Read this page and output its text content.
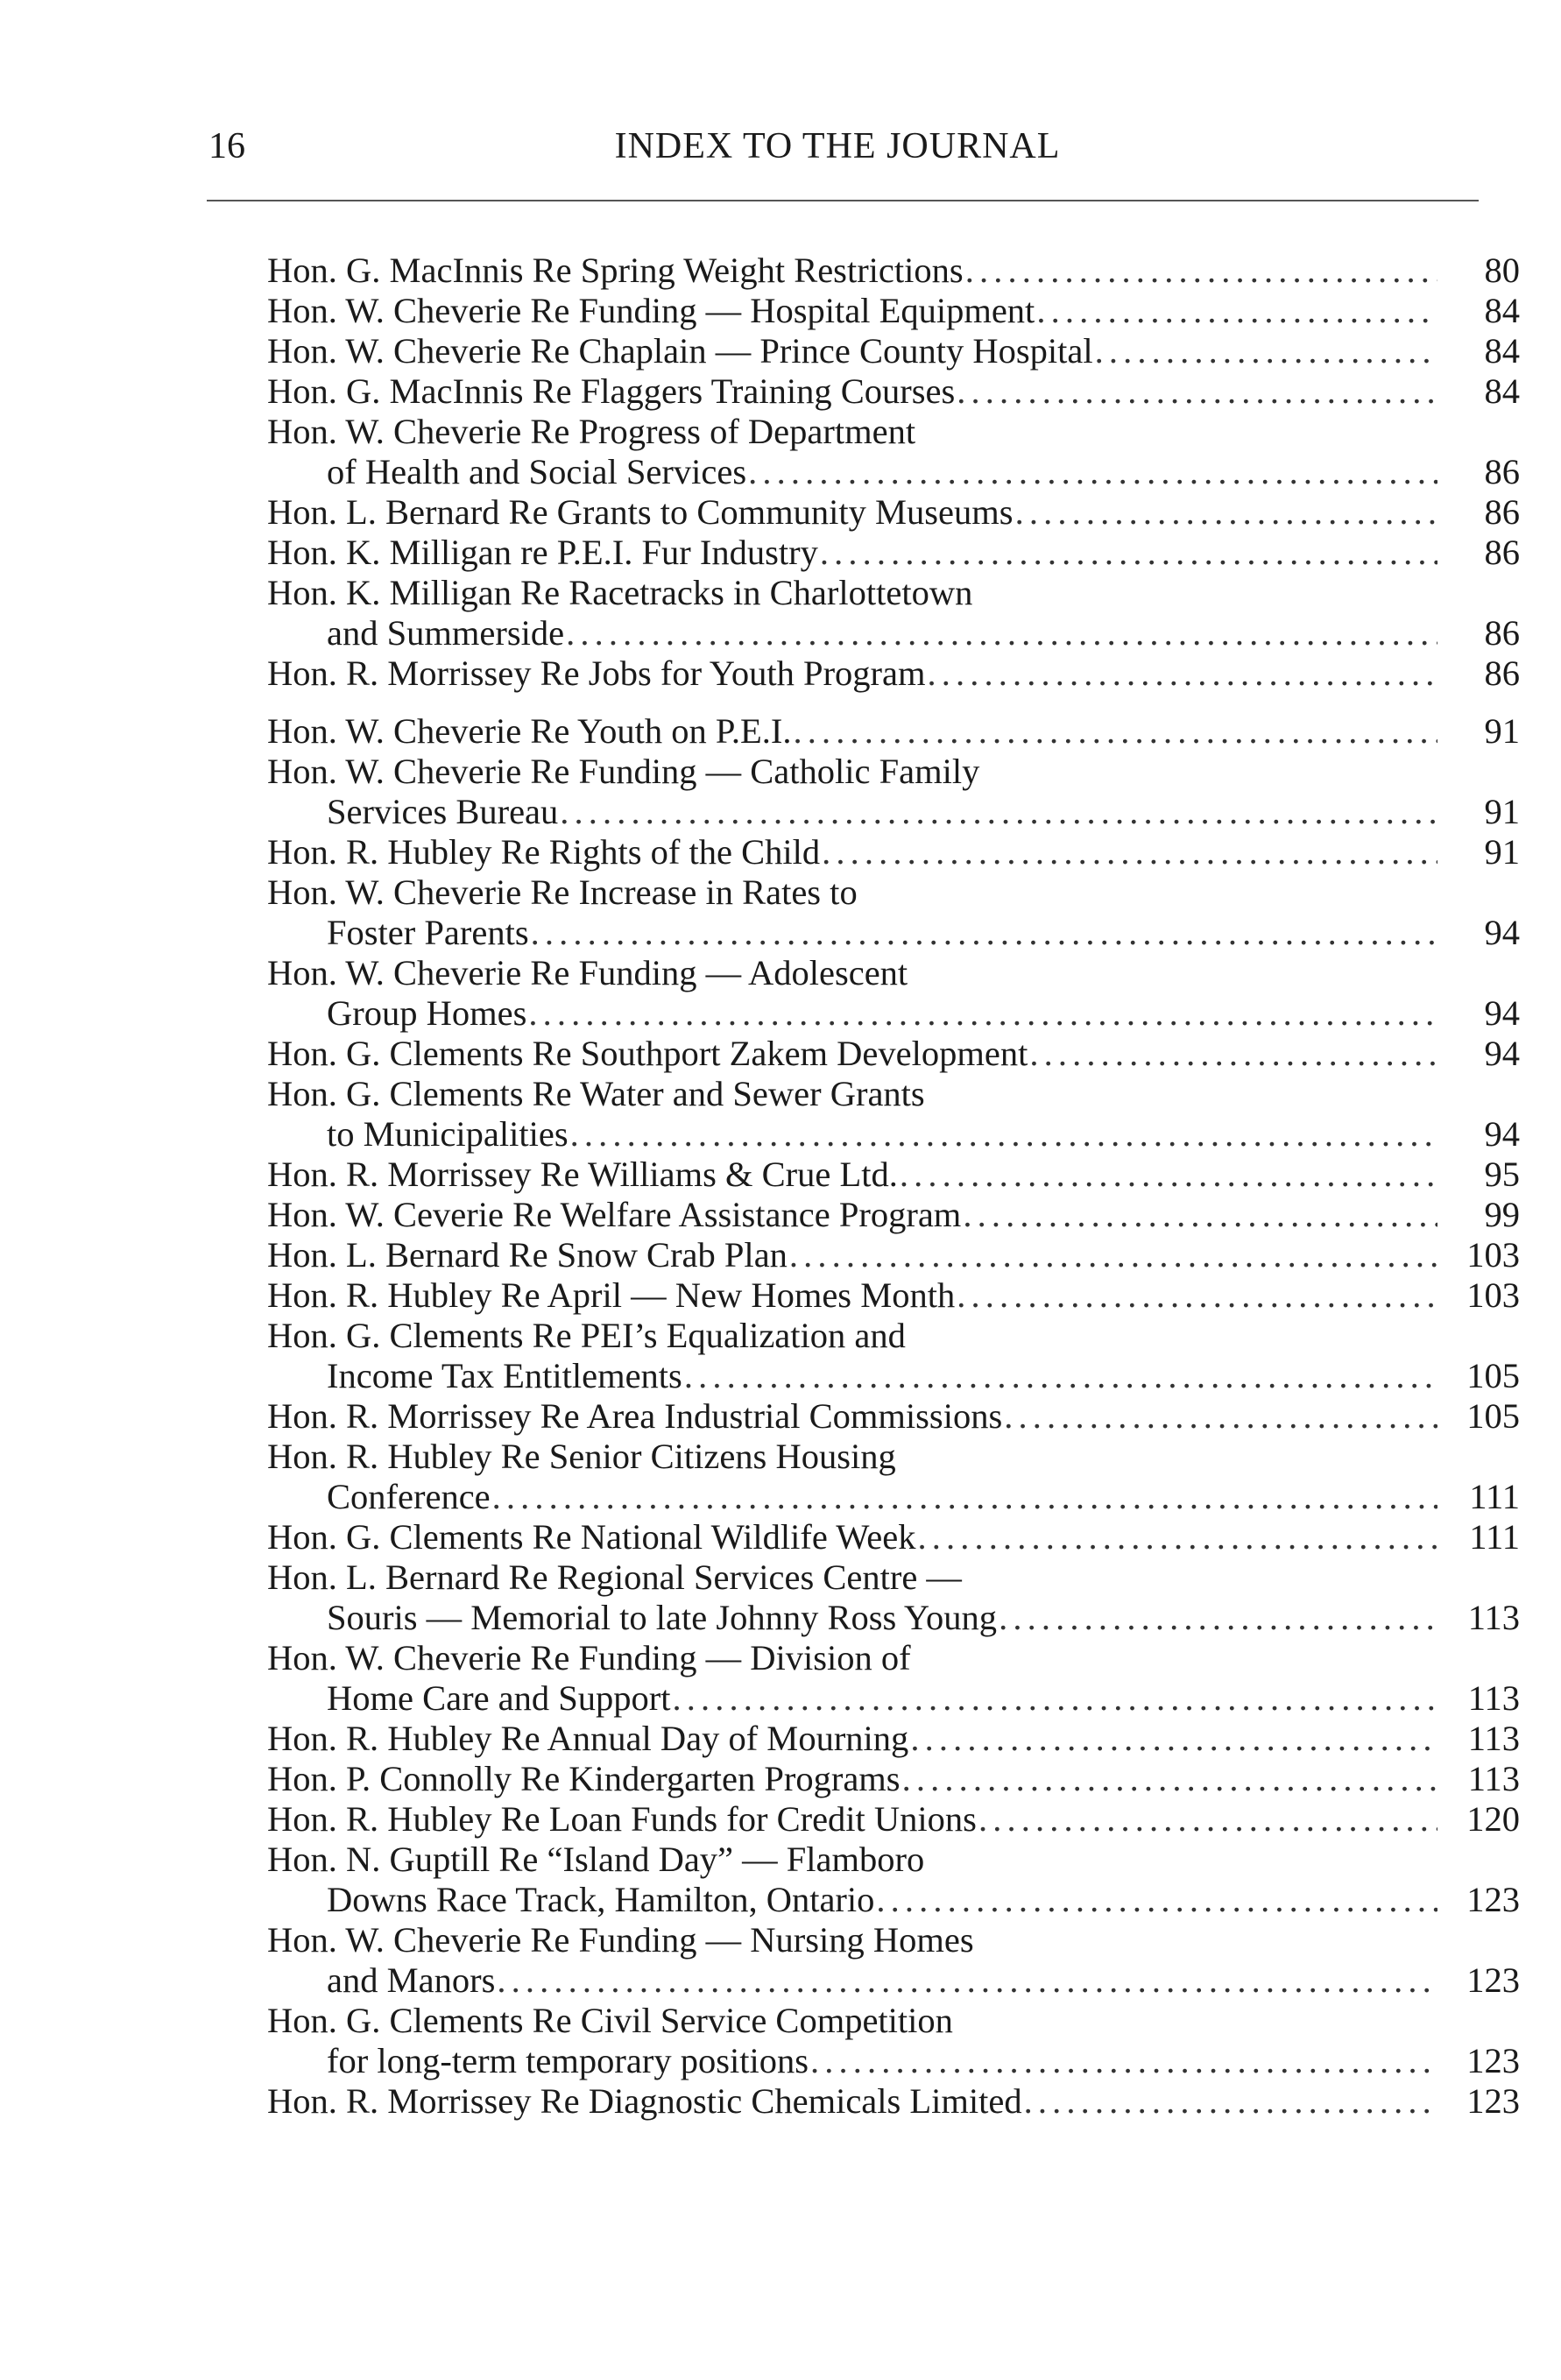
16	INDEX TO THE JOURNAL
Hon. G. MacInnis Re Spring Weight Restrictions . . .	80
Hon. W. Cheverie Re Funding — Hospital Equipment . . .	84
Hon. W. Cheverie Re Chaplain — Prince County Hospital . . .	84
Hon. G. MacInnis Re Flaggers Training Courses . . .	84
Hon. W. Cheverie Re Progress of Department
of Health and Social Services . . .	86
Hon. L. Bernard Re Grants to Community Museums . . .	86
Hon. K. Milligan re P.E.I. Fur Industry . . .	86
Hon. K. Milligan Re Racetracks in Charlottetown
and Summerside . . .	86
Hon. R. Morrissey Re Jobs for Youth Program . . .	86
Hon. W. Cheverie Re Youth on P.E.I. . . .	91
Hon. W. Cheverie Re Funding — Catholic Family
Services Bureau . . .	91
Hon. R. Hubley Re Rights of the Child . . .	91
Hon. W. Cheverie Re Increase in Rates to
Foster Parents . . .	94
Hon. W. Cheverie Re Funding — Adolescent
Group Homes . . .	94
Hon. G. Clements Re Southport Zakem Development . . .	94
Hon. G. Clements Re Water and Sewer Grants
to Municipalities . . .	94
Hon. R. Morrissey Re Williams & Crue Ltd. . . .	95
Hon. W. Ceverie Re Welfare Assistance Program . . .	99
Hon. L. Bernard Re Snow Crab Plan . . .	103
Hon. R. Hubley Re April — New Homes Month . . .	103
Hon. G. Clements Re PEI’s Equalization and
Income Tax Entitlements . . .	105
Hon. R. Morrissey Re Area Industrial Commissions . . .	105
Hon. R. Hubley Re Senior Citizens Housing
Conference . . .	111
Hon. G. Clements Re National Wildlife Week . . .	111
Hon. L. Bernard Re Regional Services Centre —
Souris — Memorial to late Johnny Ross Young . . .	113
Hon. W. Cheverie Re Funding — Division of
Home Care and Support . . .	113
Hon. R. Hubley Re Annual Day of Mourning . . .	113
Hon. P. Connolly Re Kindergarten Programs . . .	113
Hon. R. Hubley Re Loan Funds for Credit Unions . . .	120
Hon. N. Guptill Re “Island Day” — Flamboro
Downs Race Track, Hamilton, Ontario . . .	123
Hon. W. Cheverie Re Funding — Nursing Homes
and Manors . . .	123
Hon. G. Clements Re Civil Service Competition
for long-term temporary positions . . .	123
Hon. R. Morrissey Re Diagnostic Chemicals Limited . . .	123
